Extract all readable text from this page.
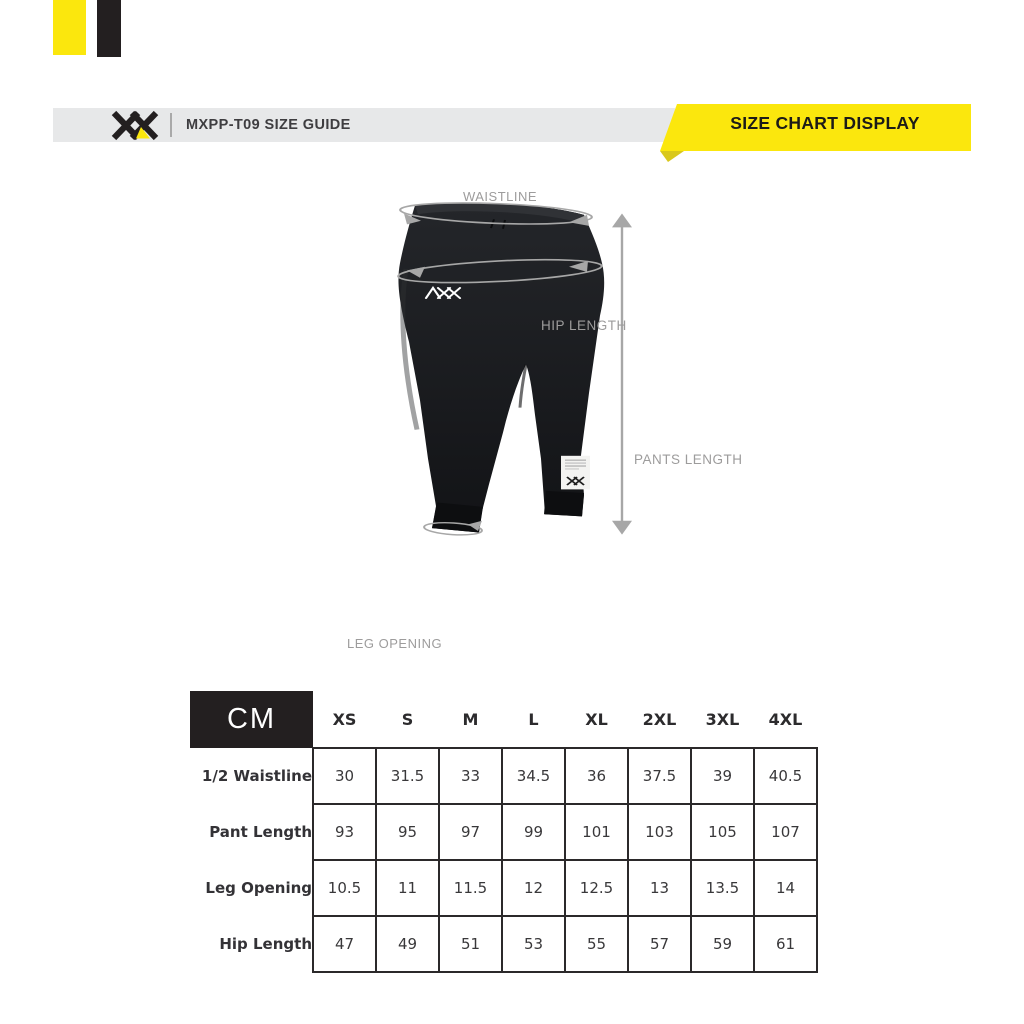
MXPP-T09 SIZE GUIDE	SIZE CHART DISPLAY
WAISTLINE
HIP LENGTH
PANTS LENGTH
LEG OPENING
CM	XS	S	M	L	XL	2XL	3XL	4XL
1/2 Waistline	30	31.5	33	34.5	36	37.5	39	40.5
Pant Length	93	95	97	99	101	103	105	107
Leg Opening	10.5	11	11.5	12	12.5	13	13.5	14
Hip Length	47	49	51	53	55	57	59	61
